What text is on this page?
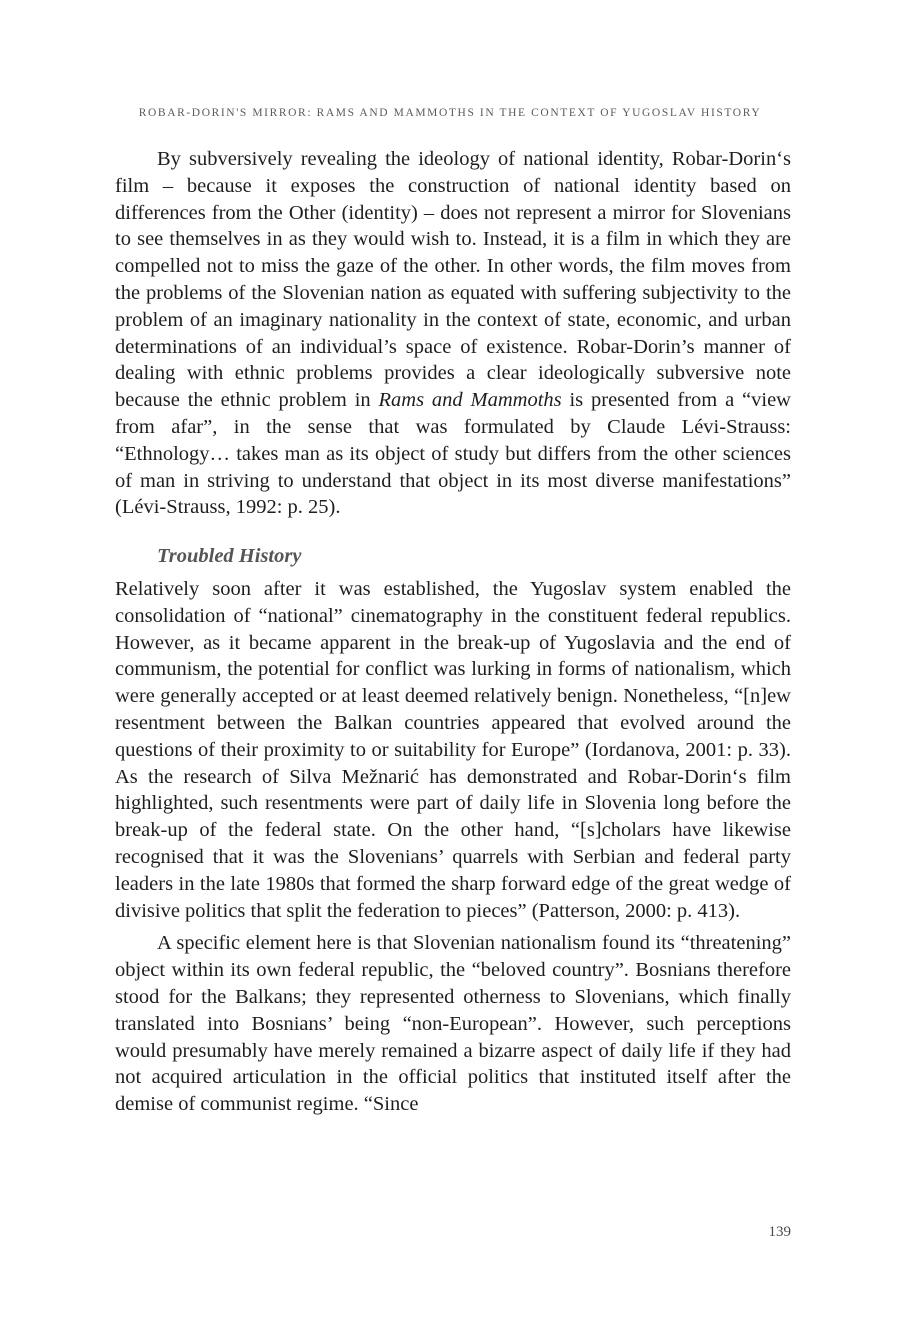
ROBAR-DORIN'S MIRROR: RAMS AND MAMMOTHS IN THE CONTEXT OF YUGOSLAV HISTORY

By subversively revealing the ideology of national identity, Robar-Dorin‘s film – because it exposes the construction of national identity based on differences from the Other (identity) – does not represent a mirror for Slovenians to see themselves in as they would wish to. Instead, it is a film in which they are compelled not to miss the gaze of the other. In other words, the film moves from the problems of the Slovenian nation as equated with suffering subjectivity to the problem of an imaginary nationality in the context of state, economic, and urban determinations of an individual’s space of existence. Robar-Dorin’s manner of dealing with ethnic problems provides a clear ideologically subversive note because the ethnic problem in Rams and Mammoths is presented from a “view from afar”, in the sense that was formulated by Claude Lévi-Strauss: “Ethnology… takes man as its object of study but differs from the other sciences of man in striving to understand that object in its most diverse manifestations” (Lévi-Strauss, 1992: p. 25).

Troubled History

Relatively soon after it was established, the Yugoslav system enabled the consolidation of “national” cinematography in the constituent federal republics. However, as it became apparent in the break-up of Yugoslavia and the end of communism, the potential for conflict was lurking in forms of nationalism, which were generally accepted or at least deemed relatively benign. Nonetheless, “[n]ew resentment between the Balkan countries appeared that evolved around the questions of their proximity to or suitability for Europe” (Iordanova, 2001: p. 33). As the research of Silva Mežnarić has demonstrated and Robar-Dorin‘s film highlighted, such resentments were part of daily life in Slovenia long before the break-up of the federal state. On the other hand, “[s]cholars have likewise recognised that it was the Slovenians’ quarrels with Serbian and federal party leaders in the late 1980s that formed the sharp forward edge of the great wedge of divisive politics that split the federation to pieces” (Patterson, 2000: p. 413).

A specific element here is that Slovenian nationalism found its “threatening” object within its own federal republic, the “beloved country”. Bosnians therefore stood for the Balkans; they represented otherness to Slovenians, which finally translated into Bosnians’ being “non-European”. However, such perceptions would presumably have merely remained a bizarre aspect of daily life if they had not acquired articulation in the official politics that instituted itself after the demise of communist regime. “Since

139
